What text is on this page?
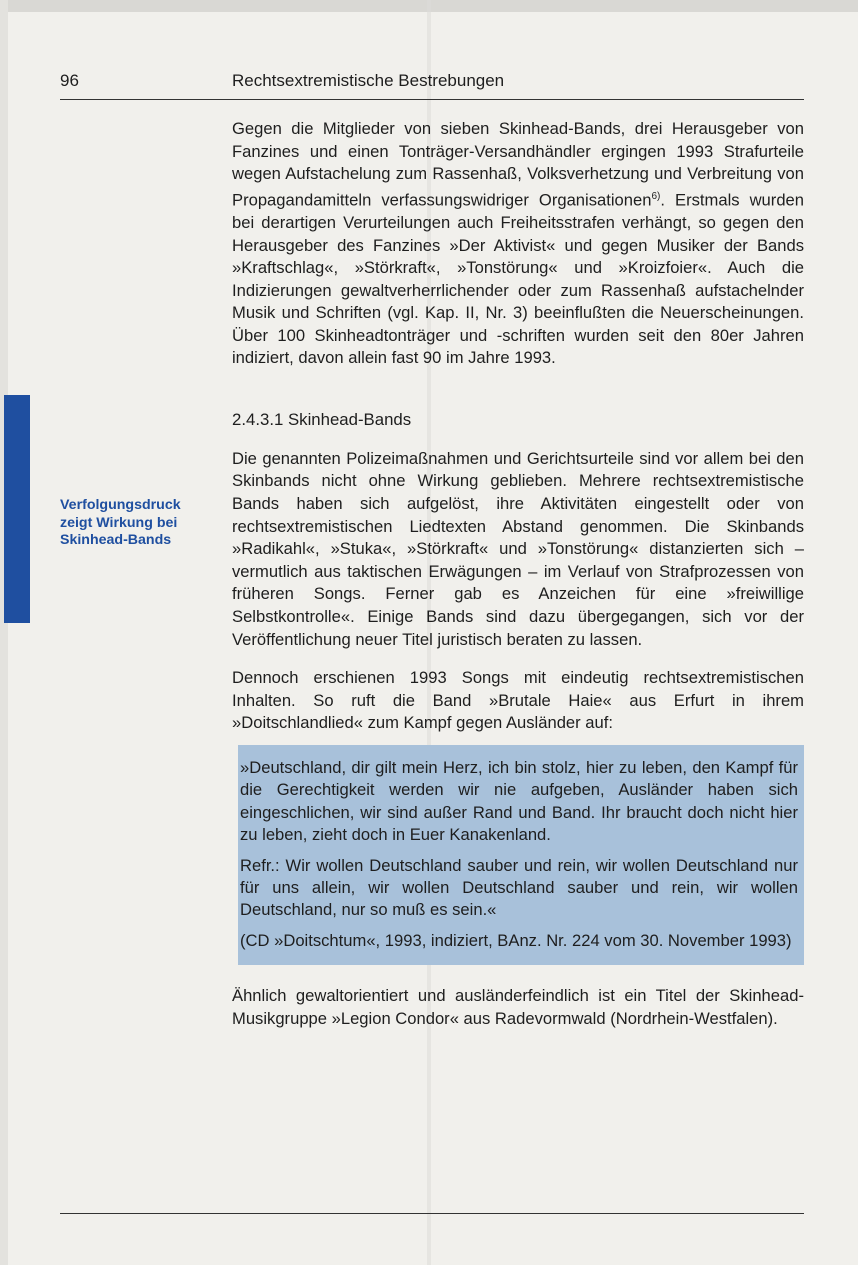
96	Rechtsextremistische Bestrebungen
Verfolgungsdruck zeigt Wirkung bei Skinhead-Bands

Gegen die Mitglieder von sieben Skinhead-Bands, drei Herausgeber von Fanzines und einen Tonträger-Versandhändler ergingen 1993 Strafurteile wegen Aufstachelung zum Rassenhaß, Volksverhetzung und Verbreitung von Propagandamitteln verfassungswidriger Organisationen$^{6)}$. Erstmals wurden bei derartigen Verurteilungen auch Freiheitsstrafen verhängt, so gegen den Herausgeber des Fanzines »Der Aktivist« und gegen Musiker der Bands »Kraftschlag«, »Störkraft«, »Tonstörung« und »Kroizfoier«. Auch die Indizierungen gewaltverherrlichender oder zum Rassenhaß aufstachelnder Musik und Schriften (vgl. Kap. II, Nr. 3) beeinflußten die Neuerscheinungen. Über 100 Skinheadtonträger und -schriften wurden seit den 80er Jahren indiziert, davon allein fast 90 im Jahre 1993.

2.4.3.1 Skinhead-Bands

Die genannten Polizeimaßnahmen und Gerichtsurteile sind vor allem bei den Skinbands nicht ohne Wirkung geblieben. Mehrere rechtsextremistische Bands haben sich aufgelöst, ihre Aktivitäten eingestellt oder von rechtsextremistischen Liedtexten Abstand genommen. Die Skinbands »Radikahl«, »Stuka«, »Störkraft« und »Tonstörung« distanzierten sich – vermutlich aus taktischen Erwägungen – im Verlauf von Strafprozessen von früheren Songs. Ferner gab es Anzeichen für eine »freiwillige Selbstkontrolle«. Einige Bands sind dazu übergegangen, sich vor der Veröffentlichung neuer Titel juristisch beraten zu lassen.

Dennoch erschienen 1993 Songs mit eindeutig rechtsextremistischen Inhalten. So ruft die Band »Brutale Haie« aus Erfurt in ihrem »Doitschlandlied« zum Kampf gegen Ausländer auf:

»Deutschland, dir gilt mein Herz, ich bin stolz, hier zu leben, den Kampf für die Gerechtigkeit werden wir nie aufgeben, Ausländer haben sich eingeschlichen, wir sind außer Rand und Band. Ihr braucht doch nicht hier zu leben, zieht doch in Euer Kanakenland.

Refr.: Wir wollen Deutschland sauber und rein, wir wollen Deutschland nur für uns allein, wir wollen Deutschland sauber und rein, wir wollen Deutschland, nur so muß es sein.«

(CD »Doitschtum«, 1993, indiziert, BAnz. Nr. 224 vom 30. November 1993)

Ähnlich gewaltorientiert und ausländerfeindlich ist ein Titel der Skinhead-Musikgruppe »Legion Condor« aus Radevormwald (Nordrhein-Westfalen).
